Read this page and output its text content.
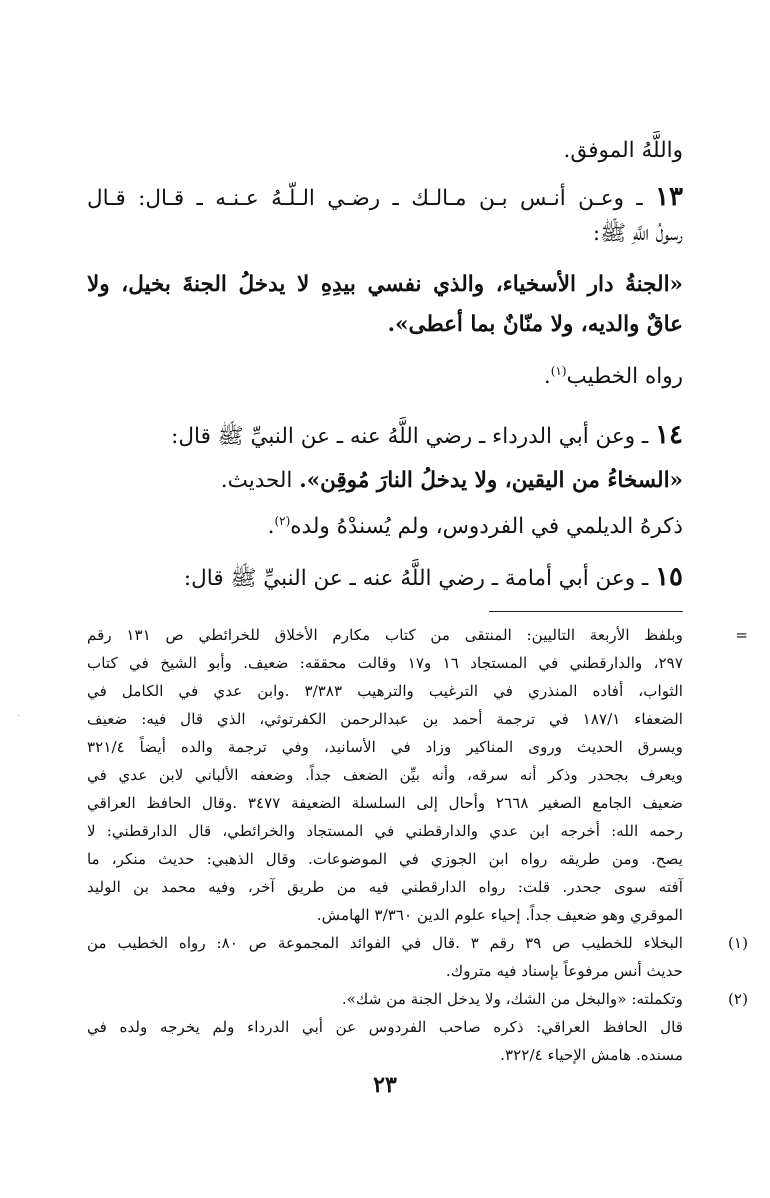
واللَّهُ الموفق.
١٣ ـ وعـن أنـس بـن مـالـك ـ رضـي الـلّـهُ عـنـه ـ قـال: قـال
رسولُ اللَّهِ ﷺ:
«الجنةُ دار الأسخياء، والذي نفسي بيدِهِ لا يدخلُ الجنةَ بخيل، ولا
عاقٌ والديه، ولا منّانٌ بما أعطى».
رواه الخطيب$^{(١)}$.
١٤ ـ وعن أبي الدرداء ـ رضي اللَّهُ عنه ـ عن النبيِّ ﷺ قال:
«السخاءُ من اليقين، ولا يدخلُ النارَ مُوقِن». الحديث.
ذكرهُ الديلمي في الفردوس، ولم يُسندْهُ ولده$^{(٢)}$.
١٥ ـ وعن أبي أمامة ـ رضي اللَّهُ عنه ـ عن النبيِّ ﷺ قال:
=
وبلفظ الأربعة التاليين: المنتقى من كتاب مكارم الأخلاق للخرائطي ص ١٣١ رقم
٢٩٧، والدارقطني في المستجاد ١٦ و١٧ وقالت محققه: ضعيف. وأبو الشيخ في كتاب
الثواب، أفاده المنذري في الترغيب والترهيب ٣/٣٨٣ .وابن عدي في الكامل في
الضعفاء ١٨٧/١ في ترجمة أحمد بن عبدالرحمن الكفرتوثي، الذي قال فيه: ضعيف
ويسرق الحديث وروى المناكير وزاد في الأسانيد، وفي ترجمة والده أيضاً ٣٢١/٤
ويعرف بجحدر وذكر أنه سرقه، وأنه بيِّن الضعف جداً. وضعفه الألباني لابن عدي في
ضعيف الجامع الصغير ٢٦٦٨ وأحال إلى السلسلة الضعيفة ٣٤٧٧ .وقال الحافظ العراقي
رحمه الله: أخرجه ابن عدي والدارقطني في المستجاد والخرائطي، قال الدارقطني: لا
يصح. ومن طريقه رواه ابن الجوزي في الموضوعات. وقال الذهبي: حديث منكر، ما
آفته سوى جحدر. قلت: رواه الدارقطني فيه من طريق آخر، وفيه محمد بن الوليد
الموقري وهو ضعيف جداً. إحياء علوم الدين ٣/٣٦٠ الهامش.
(١)
البخلاء للخطيب ص ٣٩ رقم ٣ .قال في الفوائد المجموعة ص ٨٠: رواه الخطيب من
حديث أنس مرفوعاً بإسناد فيه متروك.
(٢)
وتكملته: «والبخل من الشك، ولا يدخل الجنة من شك».
قال الحافظ العراقي: ذكره صاحب الفردوس عن أبي الدرداء ولم يخرجه ولده في
مسنده. هامش الإحياء ٣٢٢/٤.
٢٣
